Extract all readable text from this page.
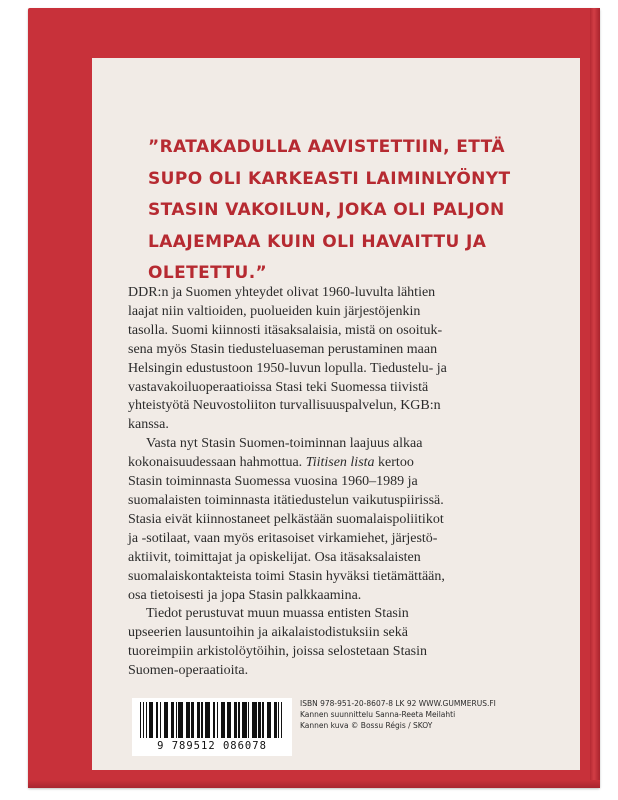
”RATAKADULLA AAVISTETTIIN, ETTÄ
SUPO OLI KARKEASTI LAIMINLYÖNYT
STASIN VAKOILUN, JOKA OLI PALJON
LAAJEMPAA KUIN OLI HAVAITTU JA
OLETETTU.”

DDR:n ja Suomen yhteydet olivat 1960-luvulta lähtien
laajat niin valtioiden, puolueiden kuin järjestöjenkin
tasolla. Suomi kiinnosti itäsaksalaisia, mistä on osoituk-
sena myös Stasin tiedusteluaseman perustaminen maan
Helsingin edustustoon 1950-luvun lopulla. Tiedustelu- ja
vastavakoiluoperaatioissa Stasi teki Suomessa tiivistä
yhteistyötä Neuvostoliiton turvallisuuspalvelun, KGB:n
kanssa.

Vasta nyt Stasin Suomen-toiminnan laajuus alkaa
kokonaisuudessaan hahmottua. Tiitisen lista kertoo
Stasin toiminnasta Suomessa vuosina 1960–1989 ja
suomalaisten toiminnasta itätiedustelun vaikutuspiirissä.
Stasia eivät kiinnostaneet pelkästään suomalaispoliitikot
ja -sotilaat, vaan myös eritasoiset virkamiehet, järjestö-
aktiivit, toimittajat ja opiskelijat. Osa itäsaksalaisten
suomalaiskontakteista toimi Stasin hyväksi tietämättään,
osa tietoisesti ja jopa Stasin palkkaamina.

Tiedot perustuvat muun muassa entisten Stasin
upseerien lausuntoihin ja aikalaistodistuksiin sekä
tuoreimpiin arkistolöytöihin, joissa selostetaan Stasin
Suomen-operaatioita.

9 789512 086078
ISBN 978-951-20-8607-8 LK 92 WWW.GUMMERUS.FI
Kannen suunnittelu Sanna-Reeta Meilahti
Kannen kuva © Bossu Régis / SKOY
